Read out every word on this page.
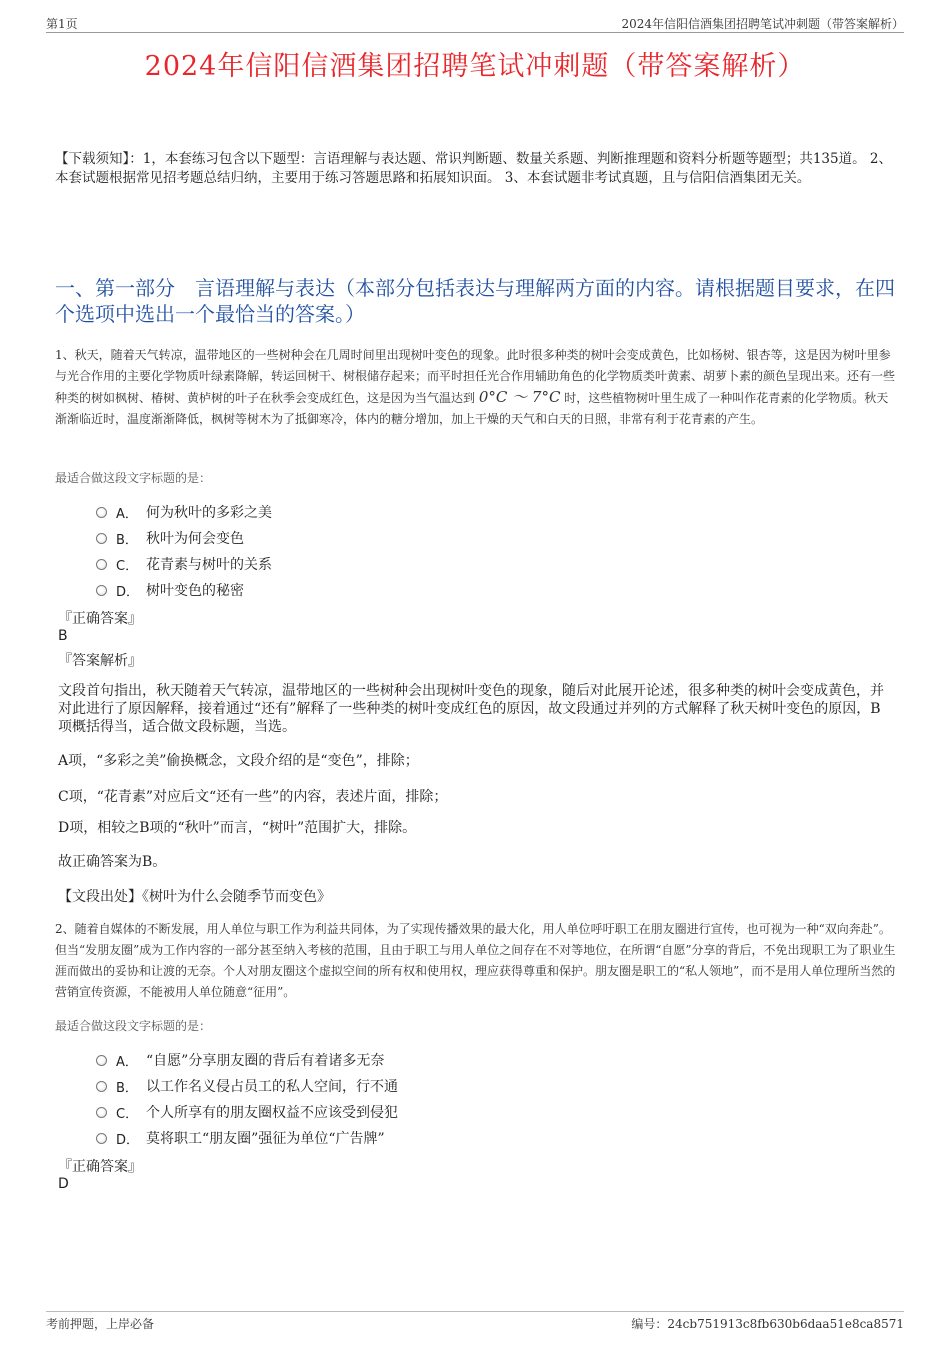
第1页	2024年信阳信酒集团招聘笔试冲刺题（带答案解析）
2024年信阳信酒集团招聘笔试冲刺题（带答案解析）
【下载须知】：1，本套练习包含以下题型：言语理解与表达题、常识判断题、数量关系题、判断推理题和资料分析题等题型；共135道。 2、本套试题根据常见招考题总结归纳，主要用于练习答题思路和拓展知识面。 3、本套试题非考试真题，且与信阳信酒集团无关。
一、第一部分　言语理解与表达（本部分包括表达与理解两方面的内容。请根据题目要求，在四个选项中选出一个最恰当的答案。）
1、秋天，随着天气转凉，温带地区的一些树种会在几周时间里出现树叶变色的现象。此时很多种类的树叶会变成黄色，比如杨树、银杏等，这是因为树叶里参与光合作用的主要化学物质叶绿素降解，转运回树干、树根储存起来；而平时担任光合作用辅助角色的化学物质类叶黄素、胡萝卜素的颜色呈现出来。还有一些种类的树如枫树、椿树、黄栌树的叶子在秋季会变成红色，这是因为当气温达到 0°C ～ 7°C 时，这些植物树叶里生成了一种叫作花青素的化学物质。秋天渐渐临近时，温度渐渐降低，枫树等树木为了抵御寒冷，体内的糖分增加，加上干燥的天气和白天的日照，非常有利于花青素的产生。
最适合做这段文字标题的是：
A． 何为秋叶的多彩之美
B． 秋叶为何会变色
C． 花青素与树叶的关系
D． 树叶变色的秘密
『正确答案』
B
『答案解析』
文段首句指出，秋天随着天气转凉，温带地区的一些树种会出现树叶变色的现象，随后对此展开论述，很多种类的树叶会变成黄色，并对此进行了原因解释，接着通过“还有”解释了一些种类的树叶变成红色的原因，故文段通过并列的方式解释了秋天树叶变色的原因，B项概括得当，适合做文段标题，当选。
A项，“多彩之美”偷换概念，文段介绍的是“变色”，排除；
C项，“花青素”对应后文“还有一些”的内容，表述片面，排除；
D项，相较之B项的“秋叶”而言，“树叶”范围扩大，排除。
故正确答案为B。
【文段出处】《树叶为什么会随季节而变色》
2、随着自媒体的不断发展，用人单位与职工作为利益共同体，为了实现传播效果的最大化，用人单位呼吁职工在朋友圈进行宣传，也可视为一种“双向奔赴”。但当“发朋友圈”成为工作内容的一部分甚至纳入考核的范围，且由于职工与用人单位之间存在不对等地位，在所谓“自愿”分享的背后，不免出现职工为了职业生涯而做出的妥协和让渡的无奈。个人对朋友圈这个虚拟空间的所有权和使用权，理应获得尊重和保护。朋友圈是职工的“私人领地”，而不是用人单位理所当然的营销宣传资源，不能被用人单位随意“征用”。
最适合做这段文字标题的是：
A． “自愿”分享朋友圈的背后有着诸多无奈
B． 以工作名义侵占员工的私人空间，行不通
C． 个人所享有的朋友圈权益不应该受到侵犯
D． 莫将职工“朋友圈”强征为单位“广告牌”
『正确答案』
D
考前押题，上岸必备	编号：24cb751913c8fb630b6daa51e8ca8571
